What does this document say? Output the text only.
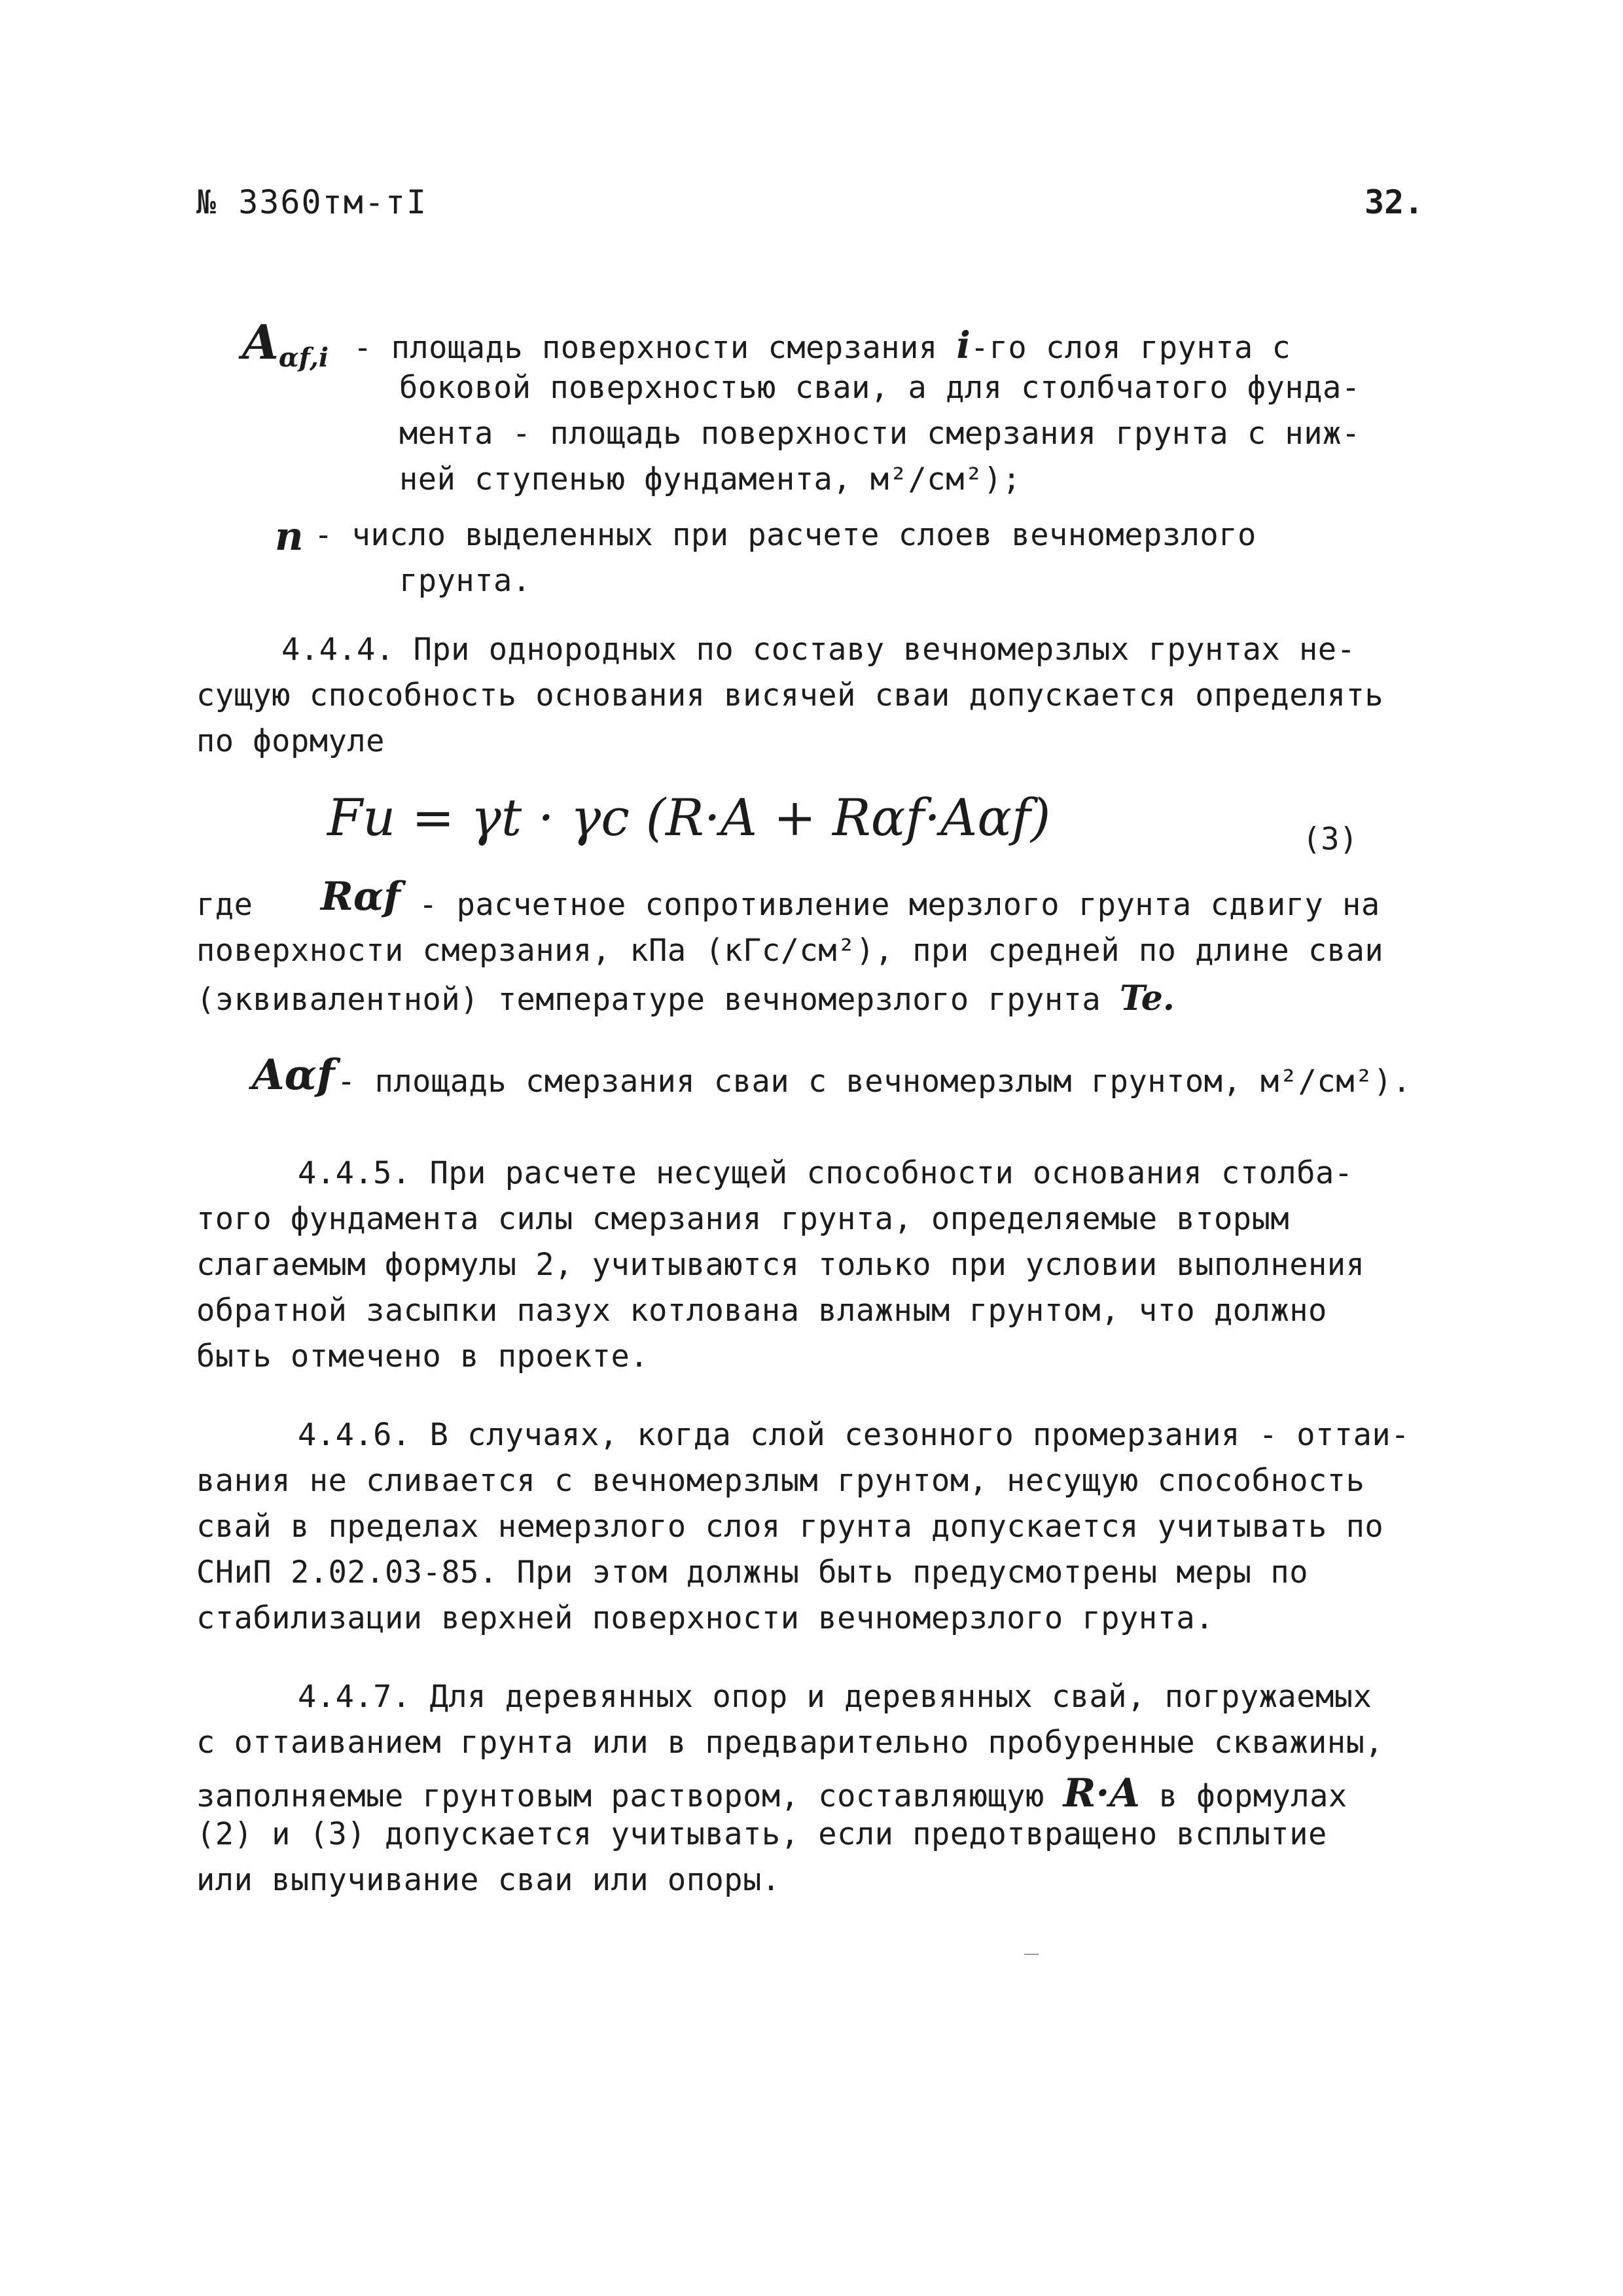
№ 3360тм-тI	32.
$A_{\alpha f,i}$ - площадь поверхности смерзания i-го слоя грунта с
боковой поверхностью сваи, а для столбчатого фунда-
мента - площадь поверхности смерзания грунта с ниж-
ней ступенью фундамента, м²/см²);
n - число выделенных при расчете слоев вечномерзлого
грунта.
4.4.4. При однородных по составу вечномерзлых грунтах не-
сущую способность основания висячей сваи допускается определять
по формуле
Fu = γt · γc (R·A + Rαf·Aαf)	(3)
где Rαf - расчетное сопротивление мерзлого грунта сдвигу на
поверхности смерзания, кПа (кГс/см²), при средней по длине сваи
(эквивалентной) температуре вечномерзлого грунта Te.
Aαf - площадь смерзания сваи с вечномерзлым грунтом, м²/см²).
4.4.5. При расчете несущей способности основания столба-
того фундамента силы смерзания грунта, определяемые вторым
слагаемым формулы 2, учитываются только при условии выполнения
обратной засыпки пазух котлована влажным грунтом, что должно
быть отмечено в проекте.
4.4.6. В случаях, когда слой сезонного промерзания - оттаи-
вания не сливается с вечномерзлым грунтом, несущую способность
свай в пределах немерзлого слоя грунта допускается учитывать по
СНиП 2.02.03-85. При этом должны быть предусмотрены меры по
стабилизации верхней поверхности вечномерзлого грунта.
4.4.7. Для деревянных опор и деревянных свай, погружаемых
с оттаиванием грунта или в предварительно пробуренные скважины,
заполняемые грунтовым раствором, составляющую R·A в формулах
(2) и (3) допускается учитывать, если предотвращено всплытие
или выпучивание сваи или опоры.
